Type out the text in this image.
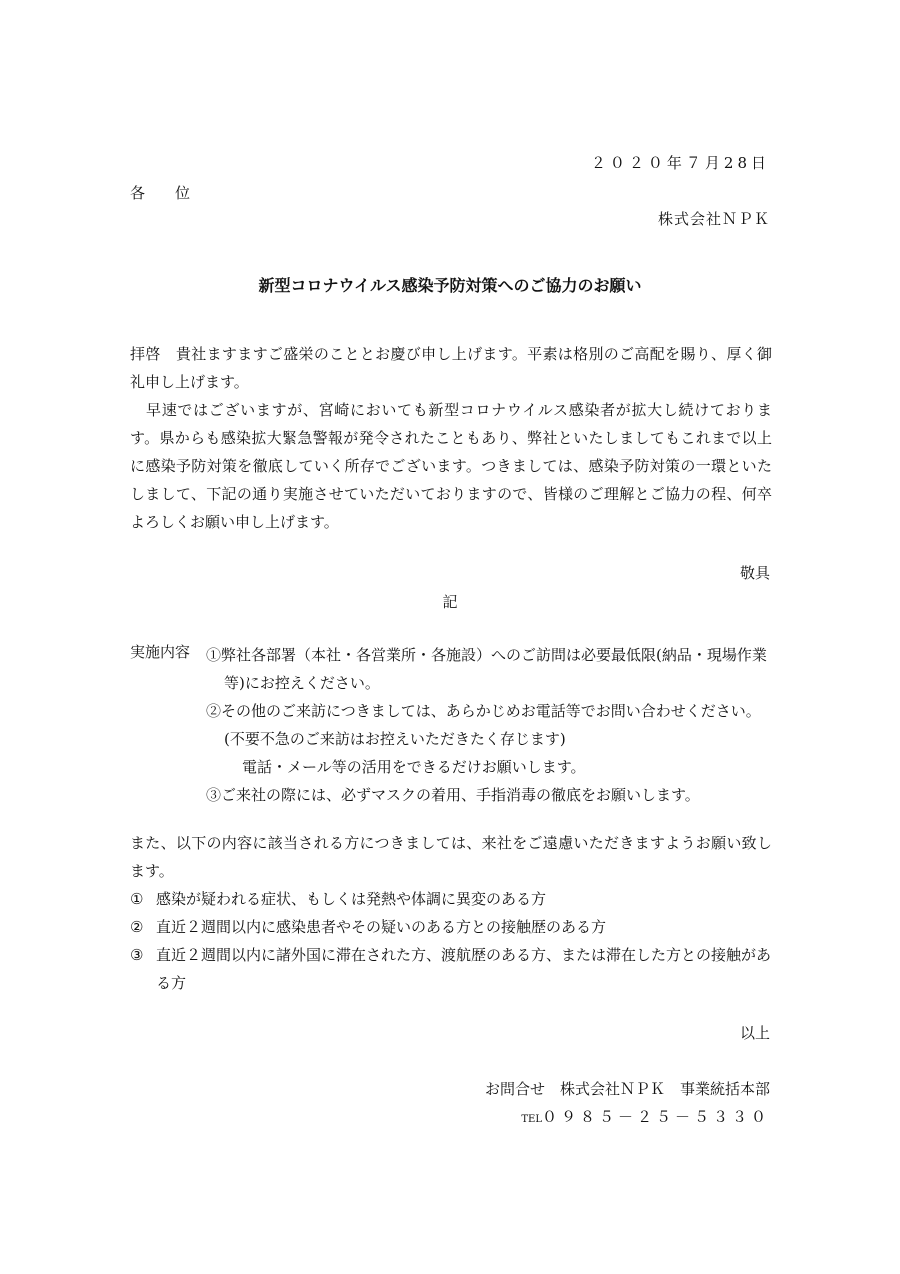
２０２０年７月28日
各位
株式会社ＮＰＫ
新型コロナウイルス感染予防対策へのご協力のお願い
拝啓　貴社ますますご盛栄のこととお慶び申し上げます。平素は格別のご高配を賜り、厚く御礼申し上げます。
早速ではございますが、宮崎においても新型コロナウイルス感染者が拡大し続けております。県からも感染拡大緊急警報が発令されたこともあり、弊社といたしましてもこれまで以上に感染予防対策を徹底していく所存でございます。つきましては、感染予防対策の一環といたしまして、下記の通り実施させていただいておりますので、皆様のご理解とご協力の程、何卒よろしくお願い申し上げます。
敬具
記
実施内容 ①弊社各部署（本社・各営業所・各施設）へのご訪問は必要最低限(納品・現場作業等)にお控えください。
②その他のご来訪につきましては、あらかじめお電話等でお問い合わせください。(不要不急のご来訪はお控えいただきたく存じます)
電話・メール等の活用をできるだけお願いします。
③ご来社の際には、必ずマスクの着用、手指消毒の徹底をお願いします。
また、以下の内容に該当される方につきましては、来社をご遠慮いただきますようお願い致します。
① 感染が疑われる症状、もしくは発熱や体調に異変のある方
② 直近２週間以内に感染患者やその疑いのある方との接触歴のある方
③ 直近２週間以内に諸外国に滞在された方、渡航歴のある方、または滞在した方との接触がある方
以上
お問合せ　株式会社ＮＰＫ　事業統括本部
TEL０９８５－２５－５３３０
